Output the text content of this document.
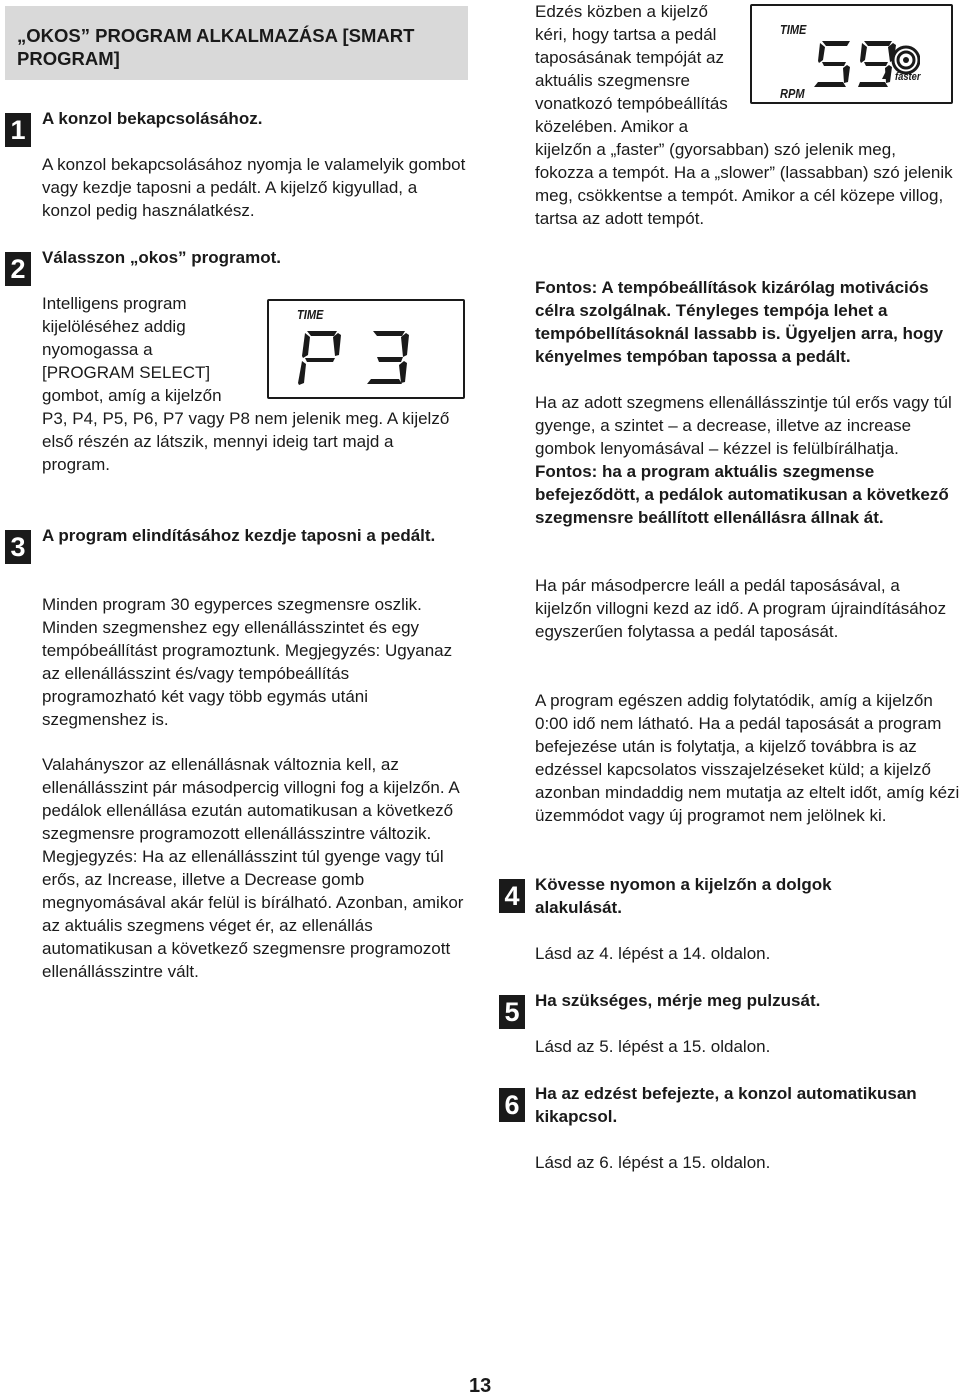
„OKOS” PROGRAM ALKALMAZÁSA [SMART PROGRAM]
1 A konzol bekapcsolásához.
A konzol bekapcsolásához nyomja le valamelyik gombot vagy kezdje taposni a pedált. A kijelző kigyullad, a konzol pedig használatkész.
2 Válasszon „okos” programot.
Intelligens program kijelöléséhez addig nyomogassa a [PROGRAM SELECT] gombot, amíg a kijelzőn
P3, P4, P5, P6, P7 vagy P8 nem jelenik meg. A kijelző első részén az látszik, mennyi ideig tart majd a program.
TIME
3 A program elindításához kezdje taposni a pedált.
Minden program 30 egyperces szegmensre oszlik. Minden szegmenshez egy ellenállásszintet és egy tempóbeállítást programoztunk. Megjegyzés: Ugyanaz az ellenállásszint és/vagy tempóbeállítás programozható két vagy több egymás utáni szegmenshez is.
Valahányszor az ellenállásnak változnia kell, az ellenállásszint pár másodpercig villogni fog a kijelzőn. A pedálok ellenállása ezután automatikusan a következő szegmensre programozott ellenállásszintre változik. Megjegyzés: Ha az ellenállásszint túl gyenge vagy túl erős, az Increase, illetve a Decrease gomb megnyomásával akár felül is bírálható. Azonban, amikor az aktuális szegmens véget ér, az ellenállás automatikusan a következő szegmensre programozott ellenállásszintre vált.
TIME
RPM
faster
Edzés közben a kijelző kéri, hogy tartsa a pedál taposásának tempóját az aktuális szegmensre vonatkozó tempóbeállítás közelében. Amikor a
kijelzőn a „faster” (gyorsabban) szó jelenik meg, fokozza a tempót. Ha a „slower” (lassabban) szó jelenik meg, csökkentse a tempót. Amikor a cél közepe villog, tartsa az adott tempót.
Fontos: A tempóbeállítások kizárólag motivációs célra szolgálnak. Tényleges tempója lehet a tempóbellításoknál lassabb is. Ügyeljen arra, hogy kényelmes tempóban tapossa a pedált.
Ha az adott szegmens ellenállásszintje túl erős vagy túl gyenge, a szintet – a decrease, illetve az increase gombok lenyomásával – kézzel is felülbírálhatja. Fontos: ha a program aktuális szegmense befejeződött, a pedálok automatikusan a következő szegmensre beállított ellenállásra állnak át.
Ha pár másodpercre leáll a pedál taposásával, a kijelzőn villogni kezd az idő. A program újraindításához egyszerűen folytassa a pedál taposását.
A program egészen addig folytatódik, amíg a kijelzőn 0:00 idő nem látható. Ha a pedál taposását a program befejezése után is folytatja, a kijelző továbbra is az edzéssel kapcsolatos visszajelzéseket küld; a kijelző azonban mindaddig nem mutatja az eltelt időt, amíg kézi üzemmódot vagy új programot nem jelölnek ki.
4 Kövesse nyomon a kijelzőn a dolgok alakulását.
Lásd az 4. lépést a 14. oldalon.
5 Ha szükséges, mérje meg pulzusát.
Lásd az 5. lépést a 15. oldalon.
6 Ha az edzést befejezte, a konzol automatikusan kikapcsol.
Lásd az 6. lépést a 15. oldalon.
13
